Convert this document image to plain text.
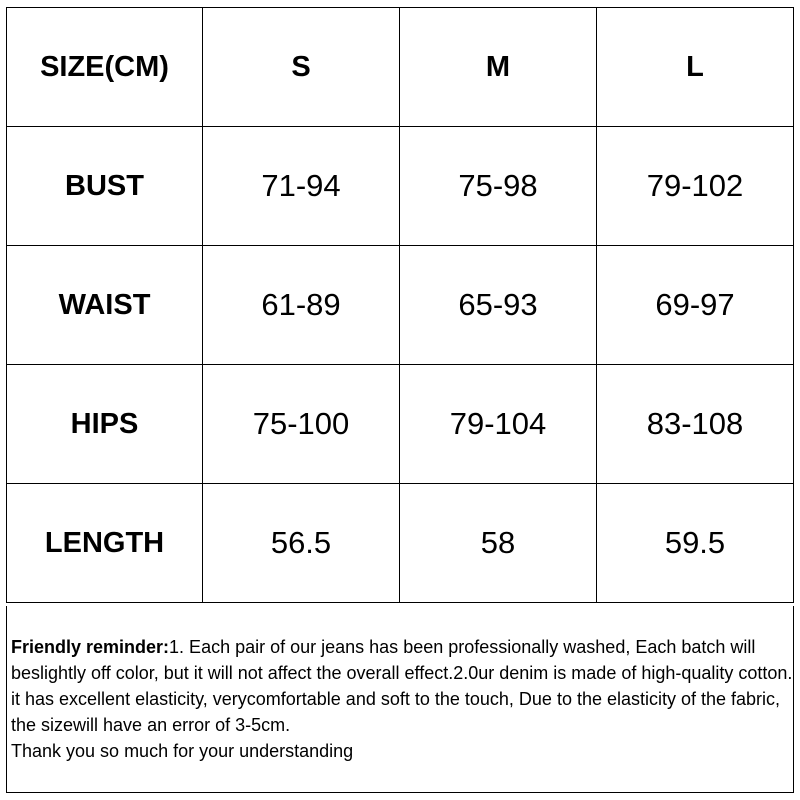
SIZE(CM)	S	M	L
BUST	71-94	75-98	79-102
WAIST	61-89	65-93	69-97
HIPS	75-100	79-104	83-108
LENGTH	56.5	58	59.5

Friendly reminder:1. Each pair of our jeans has been professionally washed, Each batch will beslightly off color, but it will not affect the overall effect.2.0ur denim is made of high-quality cotton. it has excellent elasticity, verycomfortable and soft to the touch, Due to the elasticity of the fabric, the sizewill have an error of 3-5cm.

Thank you so much for your understanding
